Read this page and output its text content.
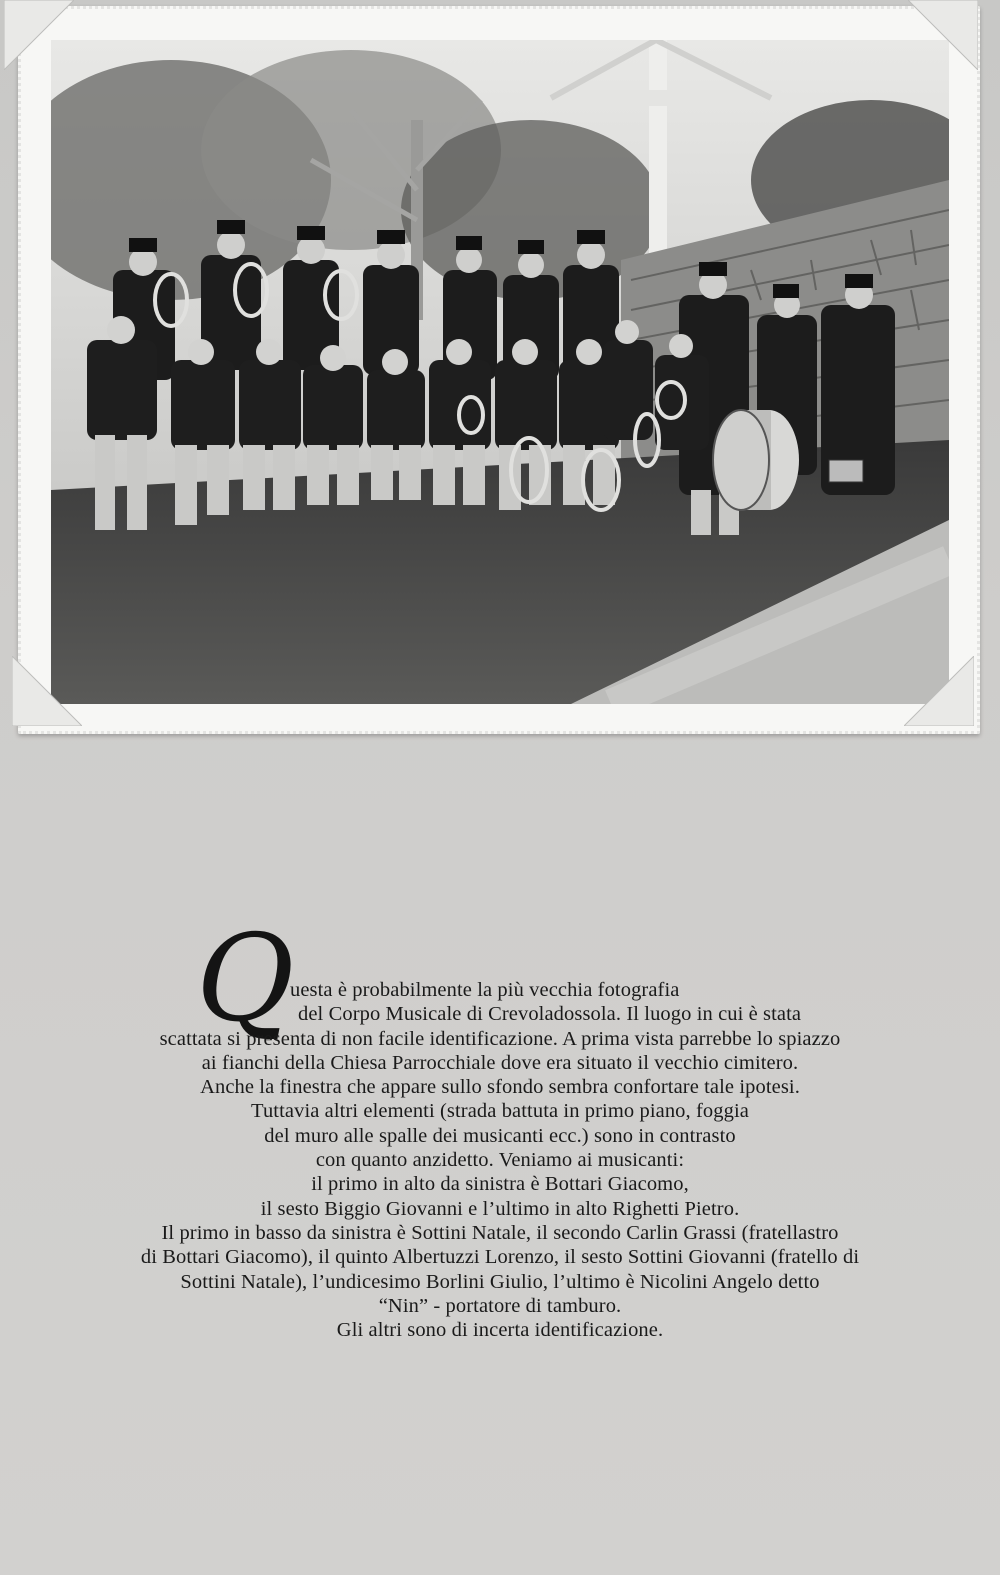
Q
uesta è probabilmente la più vecchia fotografia
del Corpo Musicale di Crevoladossola. Il luogo in cui è stata
scattata si presenta di non facile identificazione. A prima vista parrebbe lo spiazzo
ai fianchi della Chiesa Parrocchiale dove era situato il vecchio cimitero.
Anche la finestra che appare sullo sfondo sembra confortare tale ipotesi.
Tuttavia altri elementi (strada battuta in primo piano, foggia
del muro alle spalle dei musicanti ecc.) sono in contrasto
con quanto anzidetto. Veniamo ai musicanti:
il primo in alto da sinistra è Bottari Giacomo,
il sesto Biggio Giovanni e l’ultimo in alto Righetti Pietro.
Il primo in basso da sinistra è Sottini Natale, il secondo Carlin Grassi (fratellastro
di Bottari Giacomo), il quinto Albertuzzi Lorenzo, il sesto Sottini Giovanni (fratello di
Sottini Natale), l’undicesimo Borlini Giulio, l’ultimo è Nicolini Angelo detto
“Nin” - portatore di tamburo.
Gli altri sono di incerta identificazione.
